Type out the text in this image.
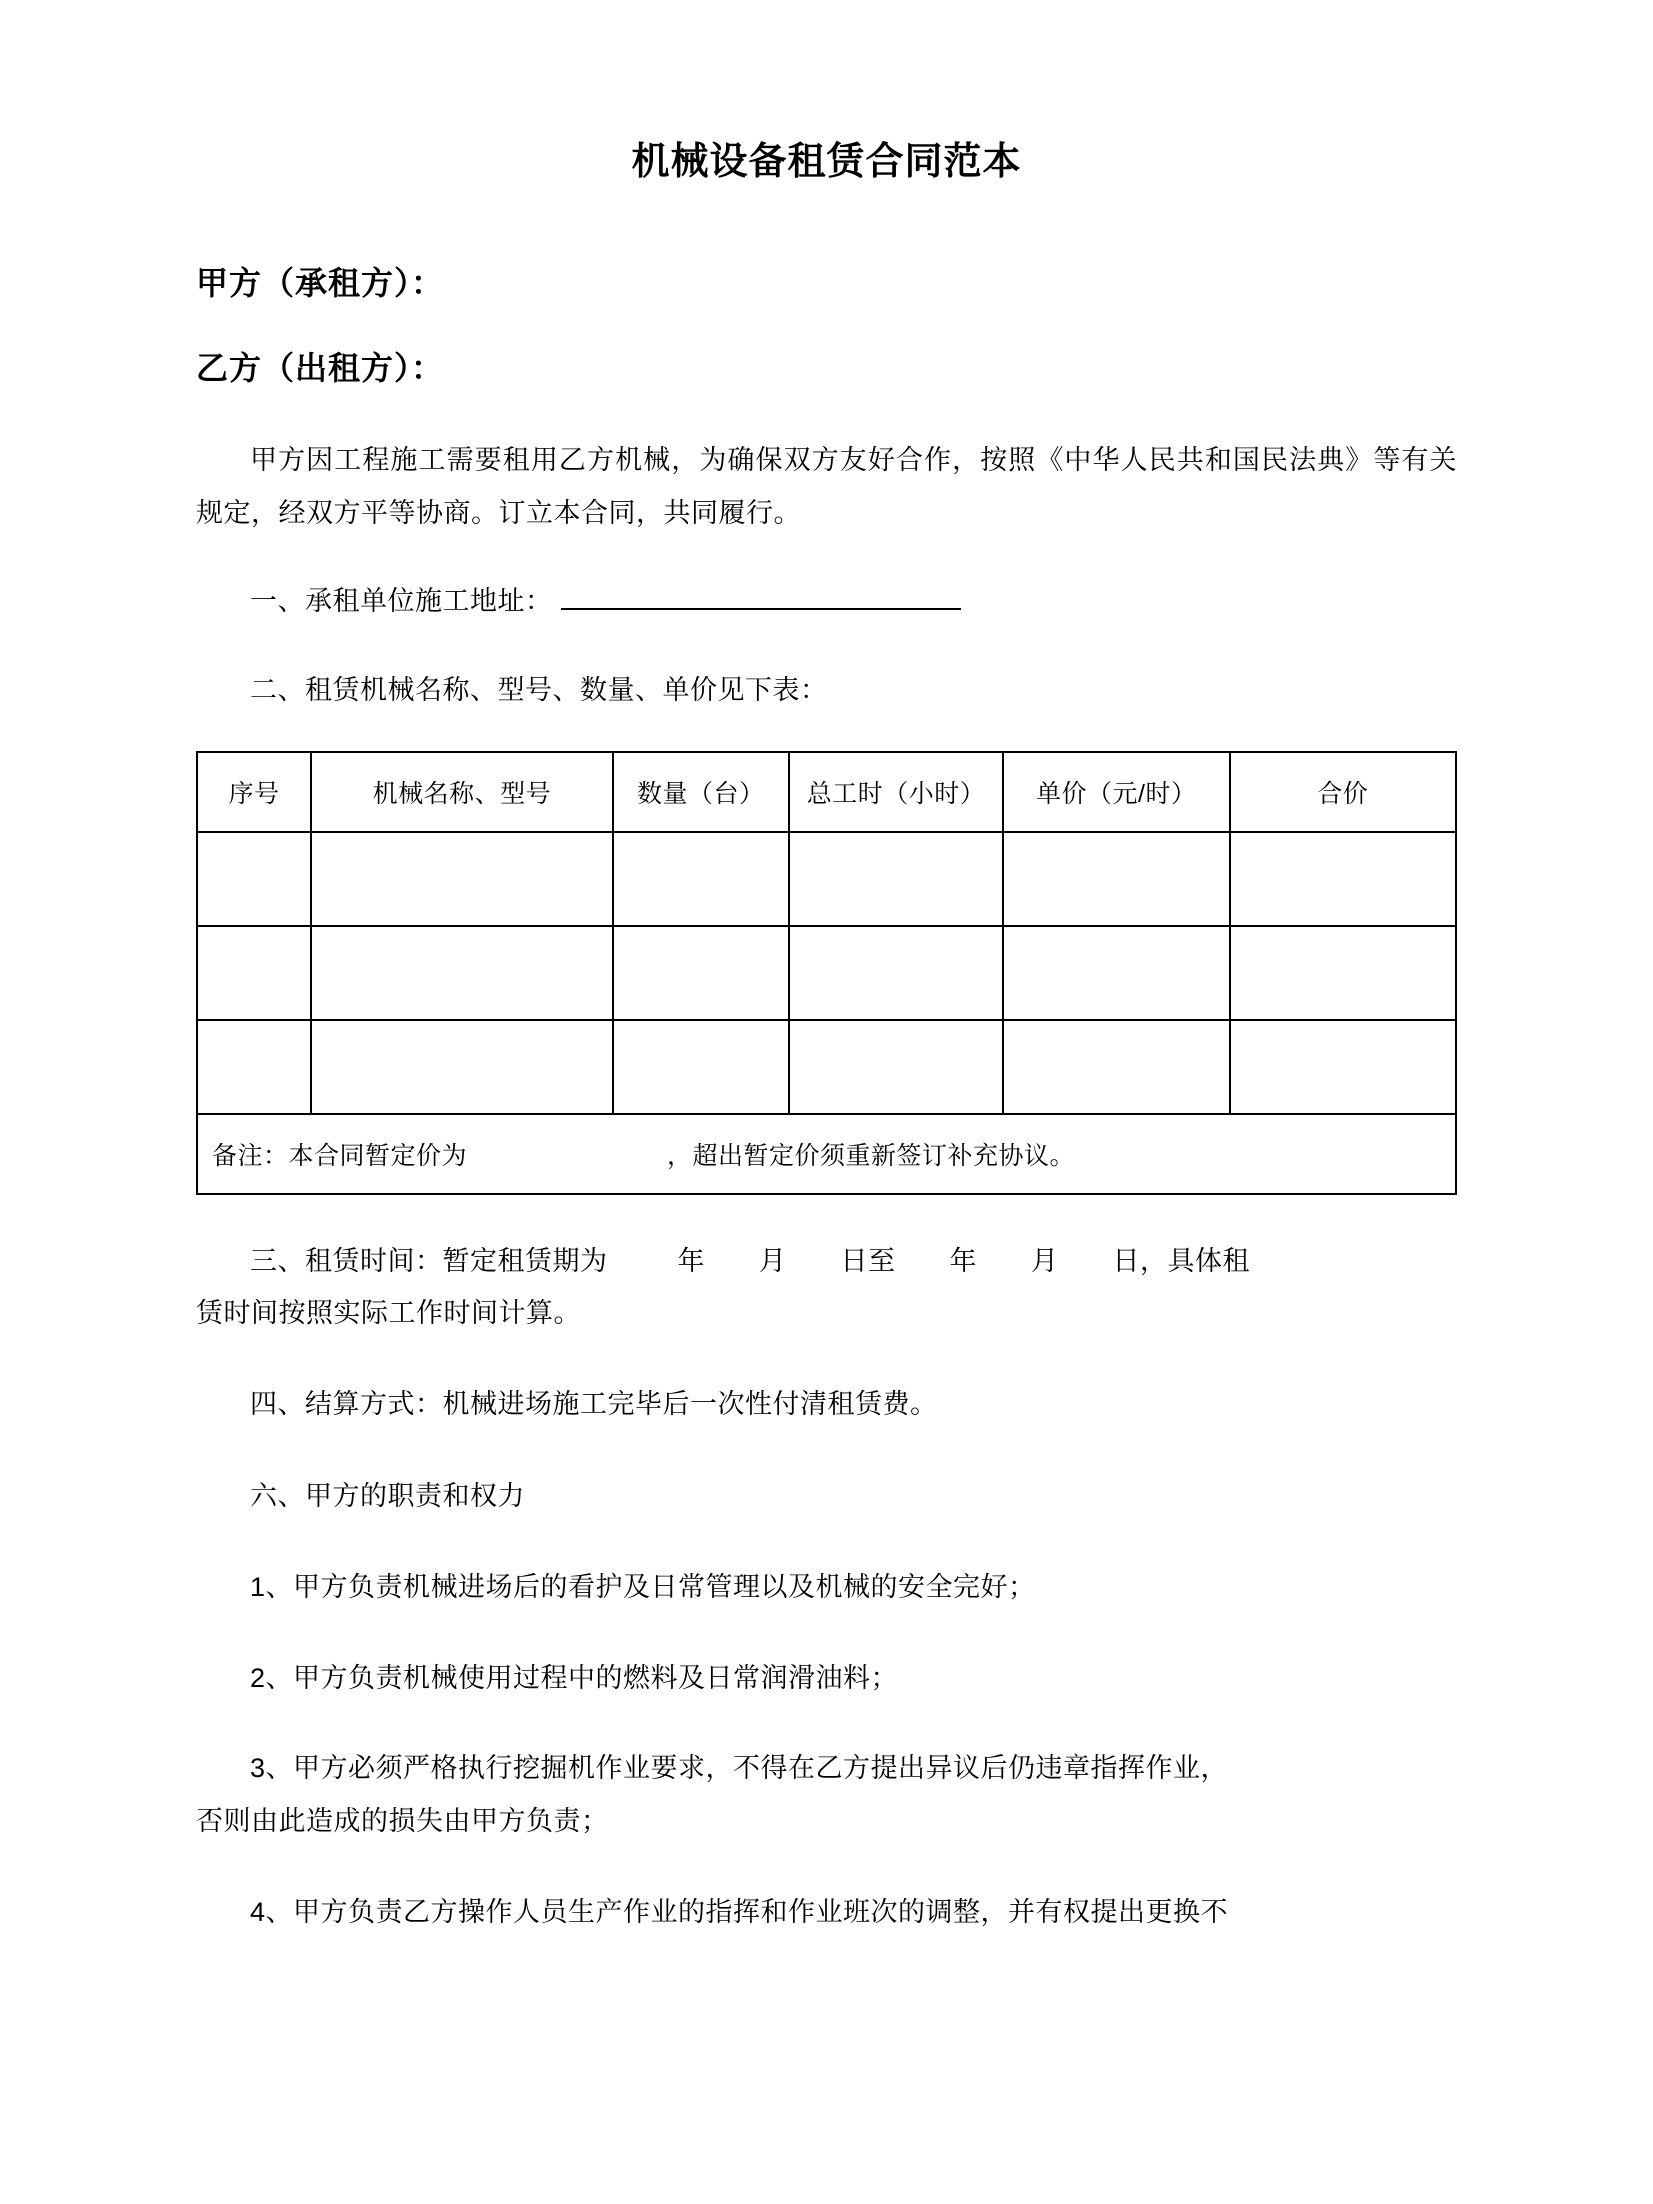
机械设备租赁合同范本

甲方（承租方）：

乙方（出租方）：

甲方因工程施工需要租用乙方机械，为确保双方友好合作，按照《中华人民共和国民法典》等有关规定，经双方平等协商。订立本合同，共同履行。

一、承租单位施工地址：

二、租赁机械名称、型号、数量、单价见下表：

序号	机械名称、型号	数量（台）	总工时（小时）	单价（元/时）	合价

备注：本合同暂定价为 ，超出暂定价须重新签订补充协议。					

三、租赁时间：暂定租赁期为	年 月 日至 年 月 日，具体租

赁时间按照实际工作时间计算。

四、结算方式：机械进场施工完毕后一次性付清租赁费。

六、甲方的职责和权力

1、甲方负责机械进场后的看护及日常管理以及机械的安全完好；

2、甲方负责机械使用过程中的燃料及日常润滑油料；

3、甲方必须严格执行挖掘机作业要求，不得在乙方提出异议后仍违章指挥作业，

否则由此造成的损失由甲方负责；

4、甲方负责乙方操作人员生产作业的指挥和作业班次的调整，并有权提出更换不
